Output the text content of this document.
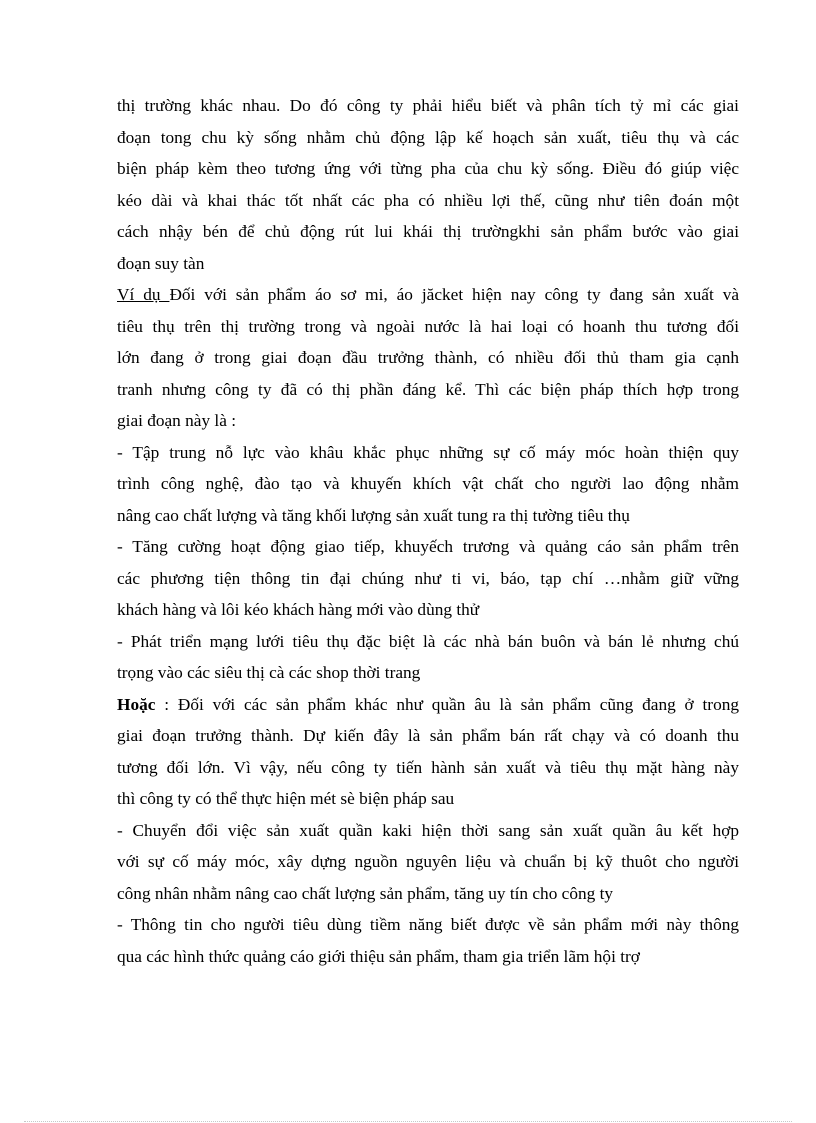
thị trường khác nhau. Do đó công ty phải hiểu biết và phân tích tỷ mỉ các giai
đoạn tong chu kỳ sống nhằm chủ động lập kế hoạch sản xuất, tiêu thụ và các
biện pháp kèm theo tương ứng với từng pha của chu kỳ sống. Điều đó giúp việc
kéo dài và khai thác tốt nhất các pha có nhiều lợi thế, cũng như tiên đoán một
cách nhậy bén để chủ động rút lui khái thị trườngkhi sản phẩm bước vào giai
đoạn suy tàn

Ví dụ Đối với sản phẩm áo sơ mi, áo jăcket hiện nay công ty đang sản xuất và
tiêu thụ trên thị trường trong và ngoài nước là hai loại có hoanh thu tương đối
lớn đang ở trong giai đoạn đầu trưởng thành, có nhiều đối thủ tham gia cạnh
tranh nhưng công ty đã có thị phần đáng kể. Thì các biện pháp thích hợp trong
giai đoạn này là :

- Tập trung nỗ lực vào khâu khắc phục những sự cố máy móc hoàn thiện quy
trình công nghệ, đào tạo và khuyến khích vật chất cho người lao động nhằm
nâng cao chất lượng và tăng khối lượng sản xuất tung ra thị tường tiêu thụ

- Tăng cường hoạt động giao tiếp, khuyếch trương và quảng cáo sản phẩm trên
các phương tiện thông tin đại chúng như ti vi, báo, tạp chí …nhằm giữ vững
khách hàng và lôi kéo khách hàng mới vào dùng thử

- Phát triển mạng lưới tiêu thụ đặc biệt là các nhà bán buôn và bán lẻ nhưng chú
trọng vào các siêu thị cà các shop thời trang

Hoặc : Đối với các sản phẩm khác như quần âu là sản phẩm cũng đang ở trong
giai đoạn trưởng thành. Dự kiến đây là sản phẩm bán rất chạy và có doanh thu
tương đối lớn. Vì vậy, nếu công ty tiến hành sản xuất và tiêu thụ mặt hàng này
thì công ty có thể thực hiện mét sè biện pháp sau

- Chuyển đổi việc sản xuất quần kaki hiện thời sang sản xuất quần âu kết hợp
với sự cố máy móc, xây dựng nguồn nguyên liệu và chuẩn bị kỹ thuôt cho người
công nhân nhằm nâng cao chất lượng sản phẩm, tăng uy tín cho công ty

- Thông tin cho người tiêu dùng tiềm năng biết được về sản phẩm mới này thông
qua các hình thức quảng cáo giới thiệu sản phẩm, tham gia triển lãm hội trợ
